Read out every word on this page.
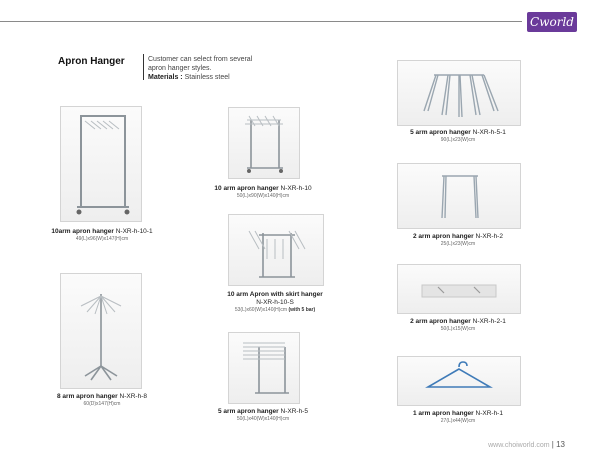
Cworld
Apron Hanger	Customer can select from several
apron hanger styles.
Materials : Stainless steel
10arm apron hanger N-XR-h-10-1
49(L)x96(W)x147(H)cm
10 arm apron hanger N-XR-h-10
50(L)x90(W)x140(H)cm
5 arm apron hanger N-XR-h-5-1
90(L)x23(W)cm
10 arm Apron with skirt hanger
N-XR-h-10-S
53(L)x60(W)x140(H)cm (with 5 bar)
2 arm apron hanger N-XR-h-2
25(L)x23(W)cm
2 arm apron hanger N-XR-h-2-1
50(L)x15(W)cm
8 arm apron hanger N-XR-h-8
60(D)x147(H)cm
5 arm apron hanger N-XR-h-5
50(L)x40(W)x140(H)cm
1 arm apron hanger N-XR-h-1
27(L)x44(W)cm
www.choiworld.com | 13
